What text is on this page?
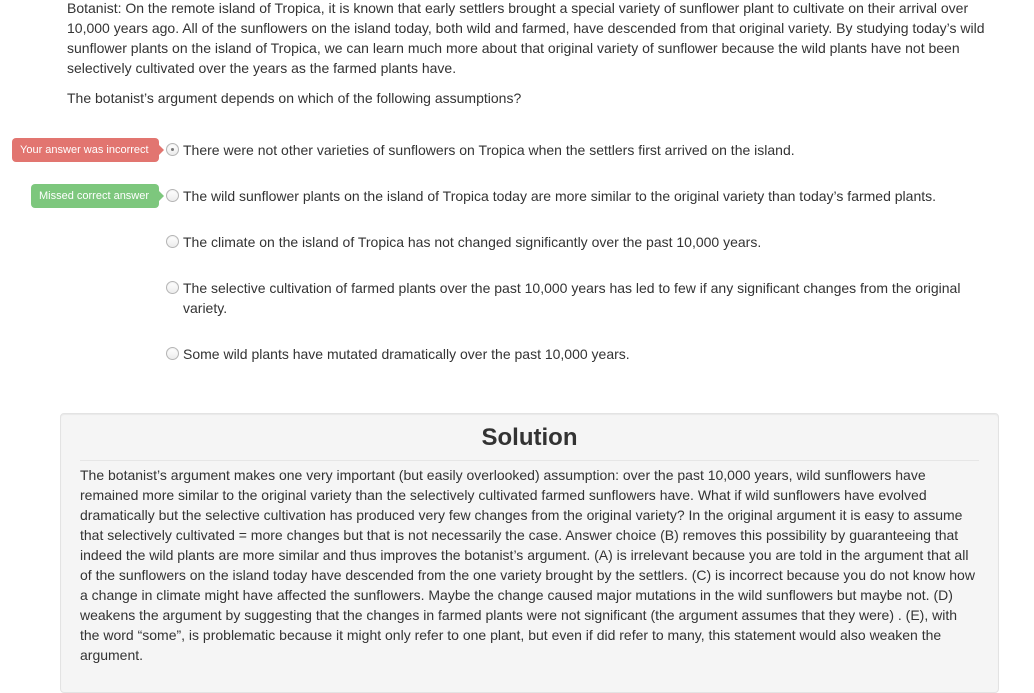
Botanist: On the remote island of Tropica, it is known that early settlers brought a special variety of sunflower plant to cultivate on their arrival over 10,000 years ago. All of the sunflowers on the island today, both wild and farmed, have descended from that original variety. By studying today’s wild sunflower plants on the island of Tropica, we can learn much more about that original variety of sunflower because the wild plants have not been selectively cultivated over the years as the farmed plants have.

The botanist’s argument depends on which of the following assumptions?

Your answer was incorrect
Missed correct answer
There were not other varieties of sunflowers on Tropica when the settlers first arrived on the island.
The wild sunflower plants on the island of Tropica today are more similar to the original variety than today’s farmed plants.
The climate on the island of Tropica has not changed significantly over the past 10,000 years.
The selective cultivation of farmed plants over the past 10,000 years has led to few if any significant changes from the original variety.
Some wild plants have mutated dramatically over the past 10,000 years.
Solution

The botanist’s argument makes one very important (but easily overlooked) assumption: over the past 10,000 years, wild sunflowers have remained more similar to the original variety than the selectively cultivated farmed sunflowers have. What if wild sunflowers have evolved dramatically but the selective cultivation has produced very few changes from the original variety? In the original argument it is easy to assume that selectively cultivated = more changes but that is not necessarily the case. Answer choice (B) removes this possibility by guaranteeing that indeed the wild plants are more similar and thus improves the botanist’s argument. (A) is irrelevant because you are told in the argument that all of the sunflowers on the island today have descended from the one variety brought by the settlers. (C) is incorrect because you do not know how a change in climate might have affected the sunflowers. Maybe the change caused major mutations in the wild sunflowers but maybe not. (D) weakens the argument by suggesting that the changes in farmed plants were not significant (the argument assumes that they were) . (E), with the word “some”, is problematic because it might only refer to one plant, but even if did refer to many, this statement would also weaken the argument.
